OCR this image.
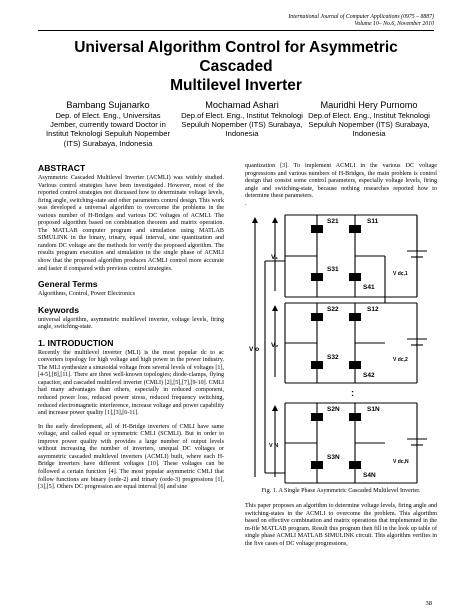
International Journal of Computer Applications (0975 – 8887)
Volume 10– No.6, November 2010
Universal Algorithm Control for Asymmetric Cascaded
Multilevel Inverter
Bambang Sujanarko
Dep. of Elect. Eng., Universitas
Jember, currently toward Doctor in
Institut Teknologi Sepuluh Nopember
(ITS) Surabaya, Indonesia
Mochamad Ashari
Dep.of Elect. Eng., Institut Teknologi
Sepuluh Nopember (ITS) Surabaya,
Indonesia
Mauridhi Hery Purnomo
Dep.of Elect. Eng., Institut Teknologi
Sepuluh Nopember (ITS) Surabaya,
Indonesia
ABSTRACT

Asymmetric Cascaded Multilevel Inverter (ACMLI) was widely studied. Various control strategies have been investigated. However, most of the reported control strategies not discussed how to determinate voltage levels, firing angle, switching-state and other parameters control design. This work was developed a universal algorithm to overcome the problems in the various number of H-Bridges and various DC voltages of ACMLI. The proposed algorithm based on combination theorem and matrix operation. The MATLAB computer program and simulation using MATLAB SIMULINK in the binary, trinary, equal interval, sine quantization and random DC voltage are the methods for verify the proposed algorithm. The results program execution and simulation in the single phase of ACMLI show that the proposed algorithm produces ACMLI control more accurate and faster if compared with previous control strategies.

General Terms

Algorithms, Control, Power Electronics

Keywords

universal algorithm, asymmetric multilevel inverter, voltage levels, firing angle, switching-state.

1. INTRODUCTION

Recently the multilevel inverter (MLI) is the most popular dc to ac converters topology for high voltage and high power in the power industry. The MLI synthesize a sinusoidal voltage from several levels of voltages [1],[4-5],[8],[11]. There are three well-known topologies; diode-clamps, flying capacitor, and cascaded multilevel inverter (CMLI) [2],[5],[7],[9-10]. CMLI had many advantages than others, especially in reduced component, reduced power loss, reduced power stress, reduced frequency switching, reduced electromagnetic interference, increase voltage and power capability and increase power quality [1],[3],[6-11].

In the early development, all of H-Bridge inverters of CMLI have same voltage, and called equal or symmetric CMLI (SCMLI). But in order to improve power quality with provides a large number of output levels without increasing the number of inverters, unequal DC voltages or asymmetric cascaded multilevel inverters (ACMLI) built, where each H-Bridge inverters have different voltages [10]. These voltages can be followed a certain function [4]. The most popular asymmetric CMLI that follow functions are binary (orde-2) and trinary (orde-3) progressions [1],[3],[5]. Others DC progression are equal interval [6] and sine

quantization [3]. To implement ACMLI in the various DC voltage progressions and various numbers of H-Bridges, the main problem is control design that consist some control parameters, especially voltage levels, firing angle and switching-state, because nothing researches reported how to determine these parameters.

.
S21	S11
S31
S41
V₁
V dc,1
S22	S12
S32
S42
V₂
V dc,2
S2N	S1N
S3N
S4N
V N
V dc,N
V o
:

Fig. 1. A Single Phase Asymmetric Cascaded Multilevel Inverter.

This paper proposes an algorithm to determine voltage levels, firing angle and switching-states in the ACMLI to overcome the problem. This algorithm based on effective combination and matrix operations that implemented in the m-file MATLAB program. Result this program then fill in the look up table of single phase ACMLI MATLAB SIMULINK circuit. This algorithm verifies in the five cases of DC voltage progressions,

38
